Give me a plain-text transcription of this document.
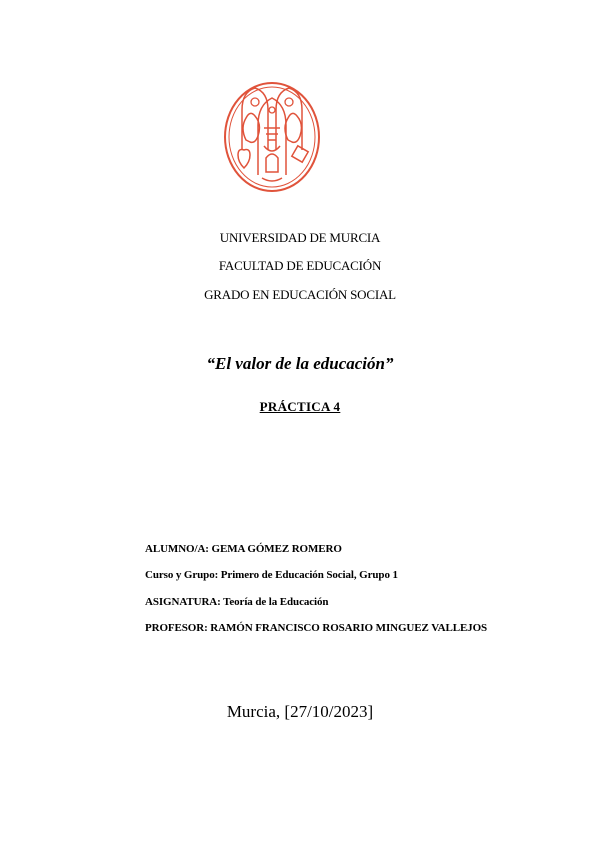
UNIVERSIDAD DE MURCIA
FACULTAD DE EDUCACIÓN
GRADO EN EDUCACIÓN SOCIAL
“El valor de la educación”
PRÁCTICA 4
ALUMNO/A: GEMA GÓMEZ ROMERO
Curso y Grupo: Primero de Educación Social, Grupo 1
ASIGNATURA: Teoría de la Educación
PROFESOR: RAMÓN FRANCISCO ROSARIO MINGUEZ VALLEJOS
Murcia, [27/10/2023]
